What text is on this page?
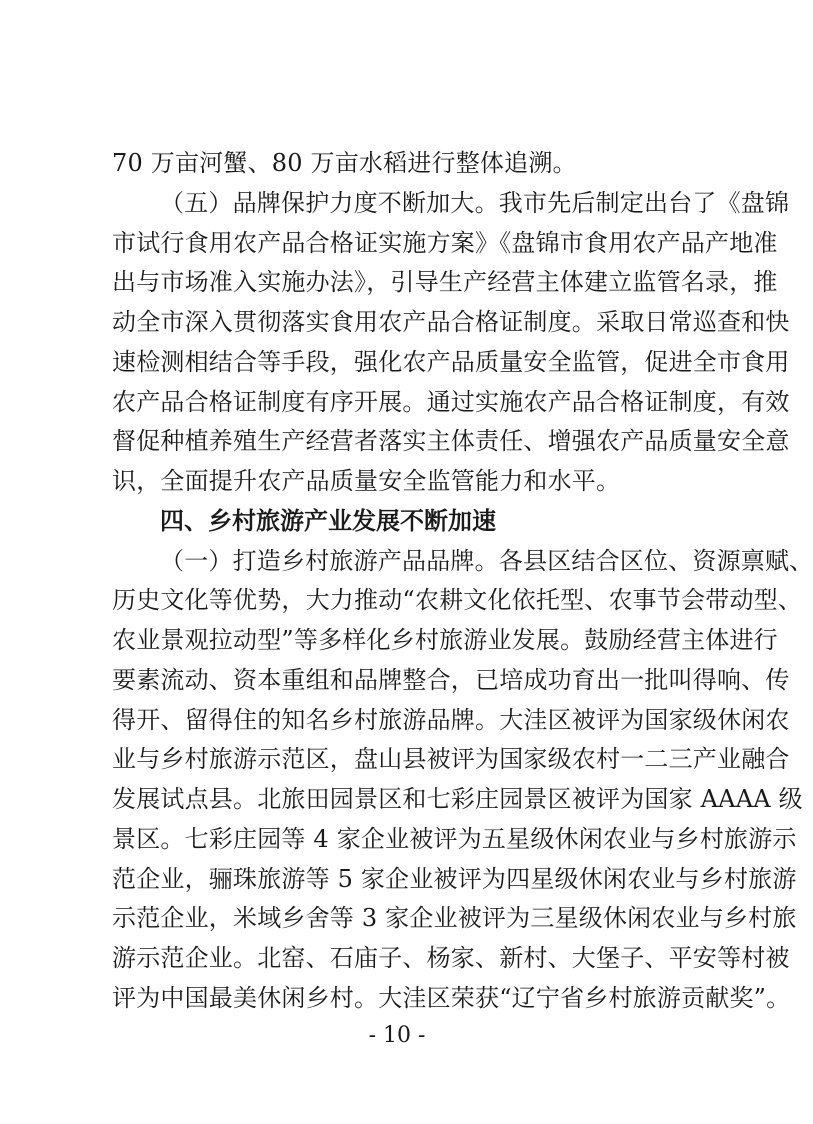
70 万亩河蟹、80 万亩水稻进行整体追溯。
（五）品牌保护力度不断加大。我市先后制定出台了《盘锦
市试行食用农产品合格证实施方案》《盘锦市食用农产品产地准
出与市场准入实施办法》，引导生产经营主体建立监管名录，推
动全市深入贯彻落实食用农产品合格证制度。采取日常巡查和快
速检测相结合等手段，强化农产品质量安全监管，促进全市食用
农产品合格证制度有序开展。通过实施农产品合格证制度，有效
督促种植养殖生产经营者落实主体责任、增强农产品质量安全意
识，全面提升农产品质量安全监管能力和水平。
四、乡村旅游产业发展不断加速
（一）打造乡村旅游产品品牌。各县区结合区位、资源禀赋、
历史文化等优势，大力推动“农耕文化依托型、农事节会带动型、
农业景观拉动型”等多样化乡村旅游业发展。鼓励经营主体进行
要素流动、资本重组和品牌整合，已培成功育出一批叫得响、传
得开、留得住的知名乡村旅游品牌。大洼区被评为国家级休闲农
业与乡村旅游示范区，盘山县被评为国家级农村一二三产业融合
发展试点县。北旅田园景区和七彩庄园景区被评为国家 AAAA 级
景区。七彩庄园等 4 家企业被评为五星级休闲农业与乡村旅游示
范企业，骊珠旅游等 5 家企业被评为四星级休闲农业与乡村旅游
示范企业，米域乡舍等 3 家企业被评为三星级休闲农业与乡村旅
游示范企业。北窑、石庙子、杨家、新村、大堡子、平安等村被
评为中国最美休闲乡村。大洼区荣获“辽宁省乡村旅游贡献奖”。
- 10 -
